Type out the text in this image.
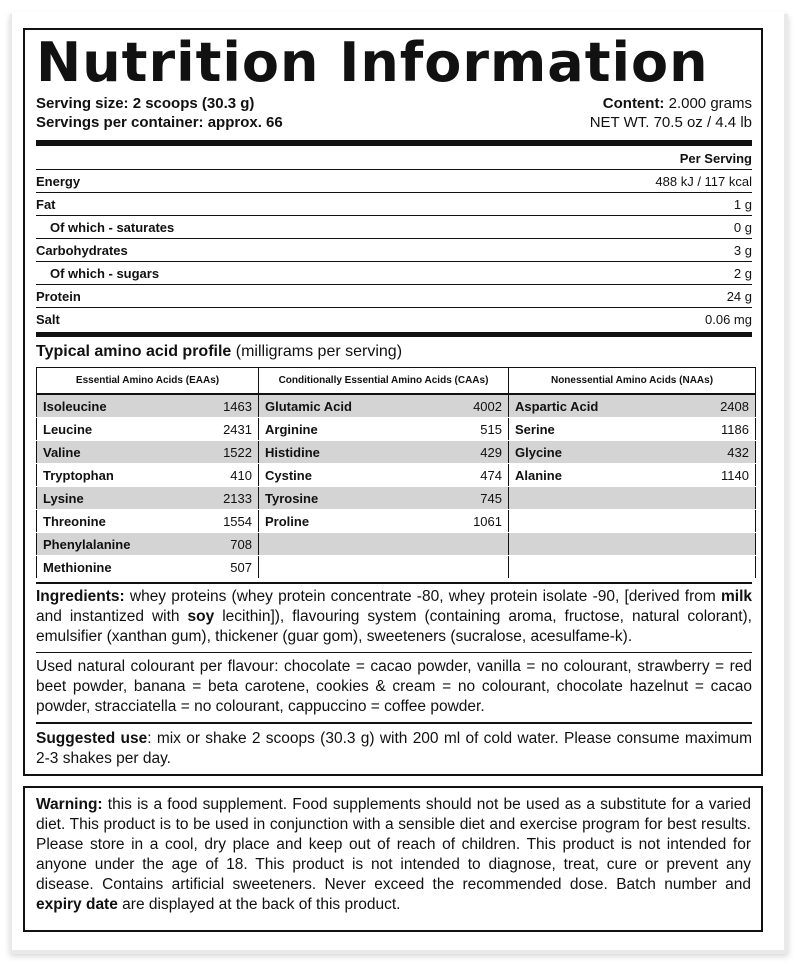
Nutrition Information
Serving size: 2 scoops (30.3 g)
Servings per container: approx. 66
Content: 2.000 grams
NET WT. 70.5 oz / 4.4 lb
Per Serving
Energy	488 kJ / 117 kcal
Fat	1 g
Of which - saturates	0 g
Carbohydrates	3 g
Of which - sugars	2 g
Protein	24 g
Salt	0.06 mg
Typical amino acid profile (milligrams per serving)
Essential Amino Acids (EAAs)	Conditionally Essential Amino Acids (CAAs)	Nonessential Amino Acids (NAAs)

Isoleucine 1463	Glutamic Acid 4002	Aspartic Acid 2408

Leucine 2431	Arginine 515	Serine 1186

Valine 1522	Histidine 429	Glycine 432

Tryptophan 410	Cystine 474	Alanine 1140

Lysine 2133	Tyrosine 745	

Threonine 1554	Proline 1061	

Phenylalanine 708		

Methionine 507		

Ingredients: whey proteins (whey protein concentrate -80, whey protein isolate -90, [derived from milk and instantized with soy lecithin]), flavouring system (containing aroma, fructose, natural colorant), emulsifier (xanthan gum), thickener (guar gom), sweeteners (sucralose, acesulfame-k).
Used natural colourant per flavour: chocolate = cacao powder, vanilla = no colourant, strawberry = red beet powder, banana = beta carotene, cookies & cream = no colourant, chocolate hazelnut = cacao powder, stracciatella = no colourant, cappuccino = coffee powder.
Suggested use: mix or shake 2 scoops (30.3 g) with 200 ml of cold water. Please consume maximum 2-3 shakes per day.
Warning: this is a food supplement. Food supplements should not be used as a substitute for a varied diet. This product is to be used in conjunction with a sensible diet and exercise program for best results. Please store in a cool, dry place and keep out of reach of children. This product is not intended for anyone under the age of 18. This product is not intended to diagnose, treat, cure or prevent any disease. Contains artificial sweeteners. Never exceed the recommended dose. Batch number and expiry date are displayed at the back of this product.
